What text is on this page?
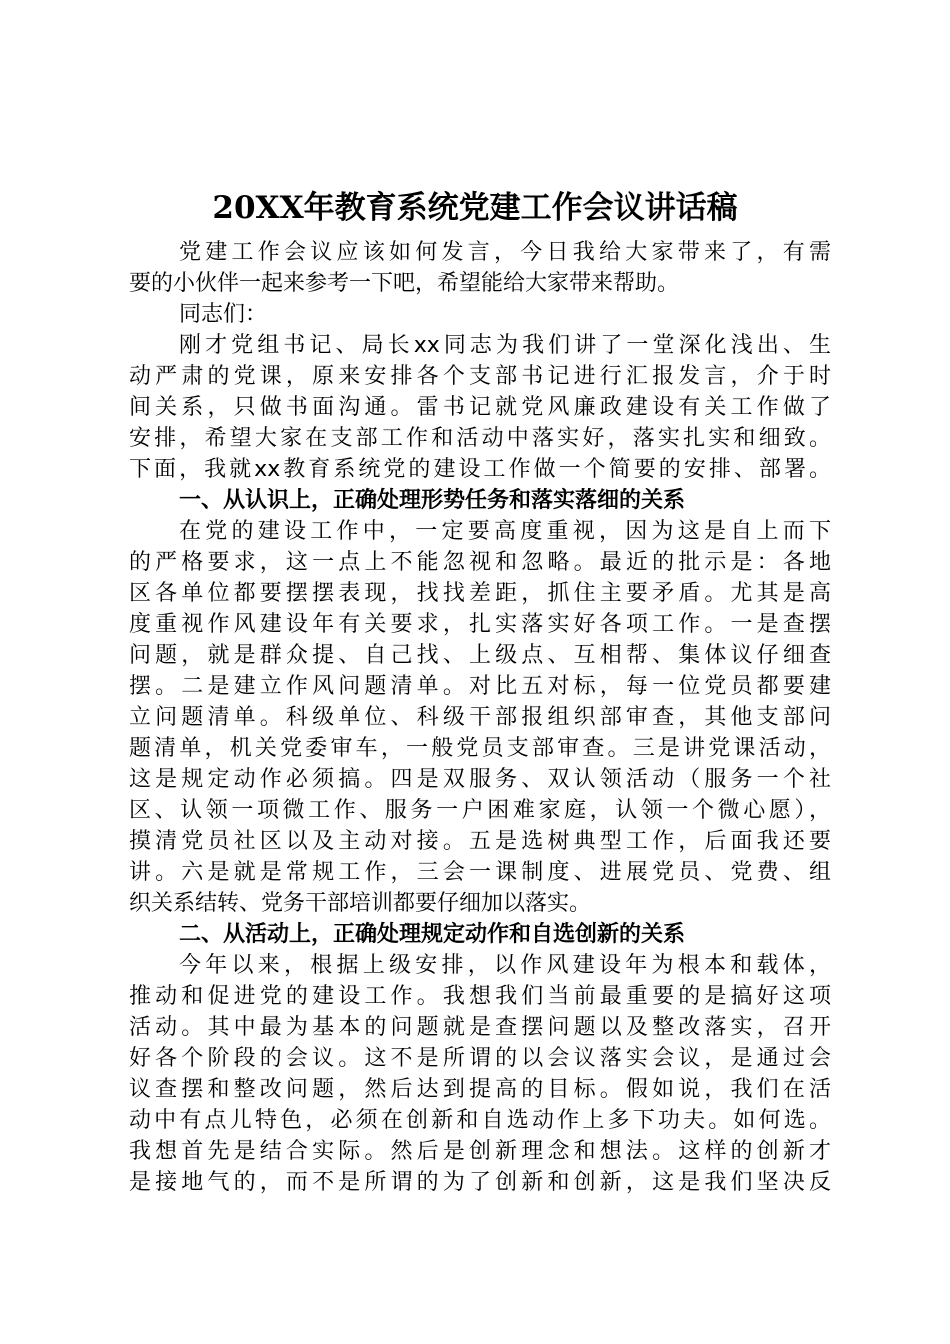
20XX年教育系统党建工作会议讲话稿
党建工作会议应该如何发言，今日我给大家带来了，有需
要的小伙伴一起来参考一下吧，希望能给大家带来帮助。
同志们：
刚才党组书记、局长xx同志为我们讲了一堂深化浅出、生
动严肃的党课，原来安排各个支部书记进行汇报发言，介于时
间关系，只做书面沟通。雷书记就党风廉政建设有关工作做了
安排，希望大家在支部工作和活动中落实好，落实扎实和细致。
下面，我就xx教育系统党的建设工作做一个简要的安排、部署。
一、从认识上，正确处理形势任务和落实落细的关系
在党的建设工作中，一定要高度重视，因为这是自上而下
的严格要求，这一点上不能忽视和忽略。最近的批示是：各地
区各单位都要摆摆表现，找找差距，抓住主要矛盾。尤其是高
度重视作风建设年有关要求，扎实落实好各项工作。一是查摆
问题，就是群众提、自己找、上级点、互相帮、集体议仔细查
摆。二是建立作风问题清单。对比五对标，每一位党员都要建
立问题清单。科级单位、科级干部报组织部审查，其他支部问
题清单，机关党委审车，一般党员支部审查。三是讲党课活动，
这是规定动作必须搞。四是双服务、双认领活动（服务一个社
区、认领一项微工作、服务一户困难家庭，认领一个微心愿），
摸清党员社区以及主动对接。五是选树典型工作，后面我还要
讲。六是就是常规工作，三会一课制度、进展党员、党费、组
织关系结转、党务干部培训都要仔细加以落实。
二、从活动上，正确处理规定动作和自选创新的关系
今年以来，根据上级安排，以作风建设年为根本和载体，
推动和促进党的建设工作。我想我们当前最重要的是搞好这项
活动。其中最为基本的问题就是查摆问题以及整改落实，召开
好各个阶段的会议。这不是所谓的以会议落实会议，是通过会
议查摆和整改问题，然后达到提高的目标。假如说，我们在活
动中有点儿特色，必须在创新和自选动作上多下功夫。如何选。
我想首先是结合实际。然后是创新理念和想法。这样的创新才
是接地气的，而不是所谓的为了创新和创新，这是我们坚决反
